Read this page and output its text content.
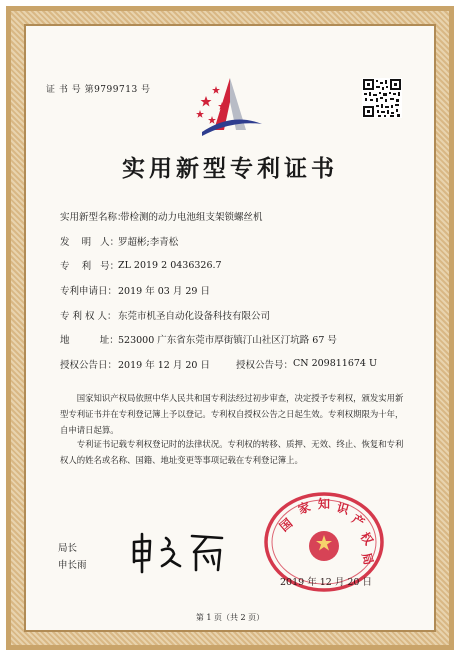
证 书 号 第9799713 号
实用新型专利证书
实用新型名称：
带检测的动力电池组支架锁螺丝机
发    明   人：
罗超彬;李青松
专    利   号：
ZL 2019 2 0436326.7
专利申请日： 2019 年 03 月 29 日
专 利 权 人： 东莞市机圣自动化设备科技有限公司
地          址： 523000 广东省东莞市厚街镇汀山社区汀坑路 67 号
授权公告日： 2019 年 12 月 20 日	授权公告号： CN 209811674 U
国家知识产权局依照中华人民共和国专利法经过初步审查，决定授予专利权，颁发实用新型专利证书并在专利登记簿上予以登记。专利权自授权公告之日起生效。专利权期限为十年，自申请日起算。
专利证书记载专利权登记时的法律状况。专利权的转移、质押、无效、终止、恢复和专利权人的姓名或名称、国籍、地址变更等事项记载在专利登记簿上。
局长
申长雨
国
家 知 识
产
权
局
2019 年 12 月 20 日
第 1 页（共 2 页）
